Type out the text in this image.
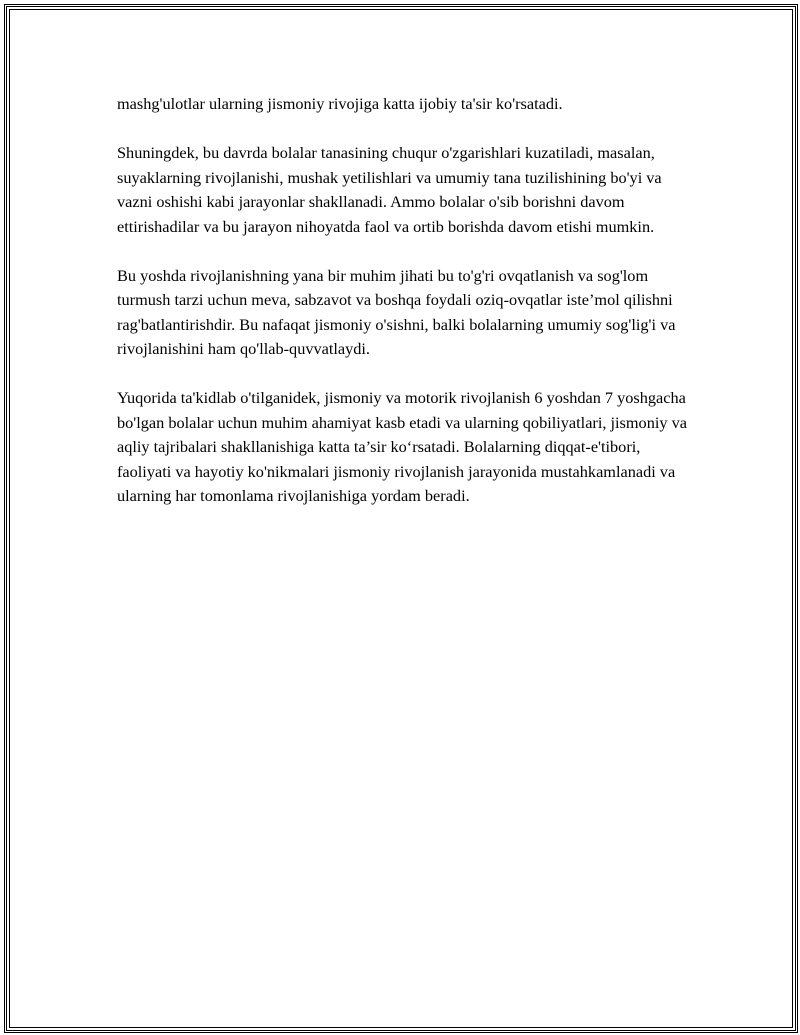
mashg'ulotlar ularning jismoniy rivojiga katta ijobiy ta'sir ko'rsatadi.

Shuningdek, bu davrda bolalar tanasining chuqur o'zgarishlari kuzatiladi, masalan, suyaklarning rivojlanishi, mushak yetilishlari va umumiy tana tuzilishining bo'yi va vazni oshishi kabi jarayonlar shakllanadi. Ammo bolalar o'sib borishni davom ettirishadilar va bu jarayon nihoyatda faol va ortib borishda davom etishi mumkin.

Bu yoshda rivojlanishning yana bir muhim jihati bu to'g'ri ovqatlanish va sog'lom turmush tarzi uchun meva, sabzavot va boshqa foydali oziq-ovqatlar iste’mol qilishni rag'batlantirishdir. Bu nafaqat jismoniy o'sishni, balki bolalarning umumiy sog'lig'i va rivojlanishini ham qo'llab-quvvatlaydi.

Yuqorida ta'kidlab o'tilganidek, jismoniy va motorik rivojlanish 6 yoshdan 7 yoshgacha bo'lgan bolalar uchun muhim ahamiyat kasb etadi va ularning qobiliyatlari, jismoniy va aqliy tajribalari shakllanishiga katta ta’sir ko‘rsatadi. Bolalarning diqqat-e'tibori, faoliyati va hayotiy ko'nikmalari jismoniy rivojlanish jarayonida mustahkamlanadi va ularning har tomonlama rivojlanishiga yordam beradi.
